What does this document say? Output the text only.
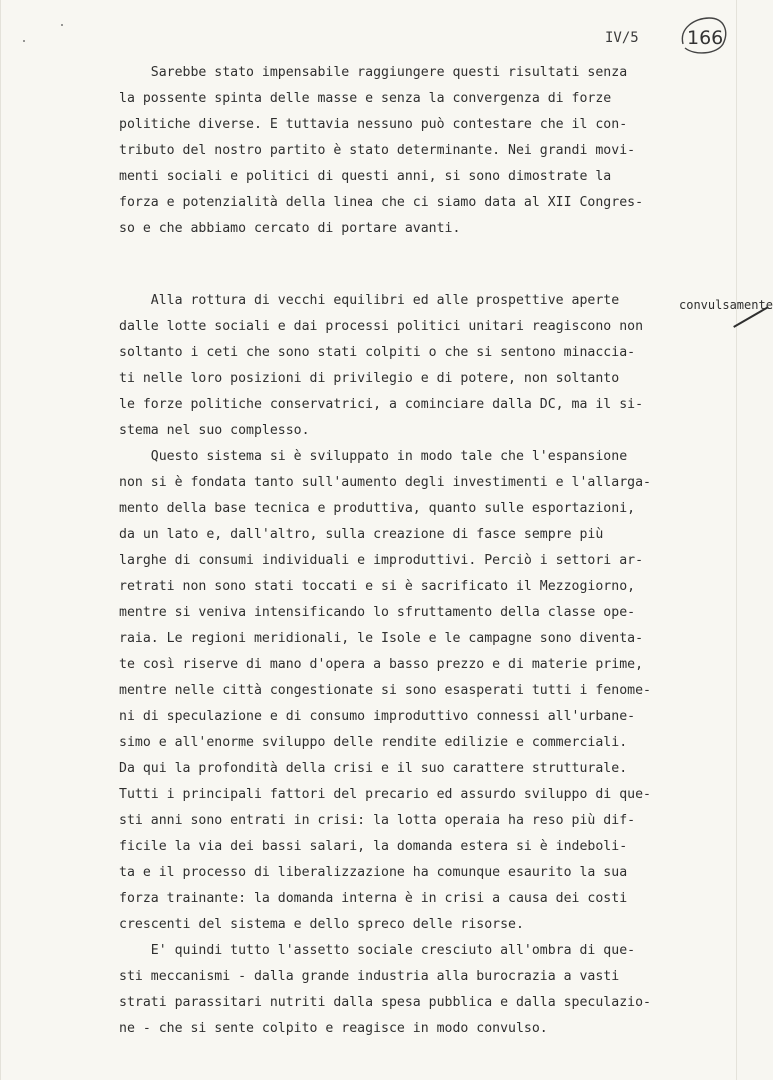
IV/5	166
Sarebbe stato impensabile raggiungere questi risultati senza
la possente spinta delle masse e senza la convergenza di forze
politiche diverse. E tuttavia nessuno può contestare che il con-
tributo del nostro partito è stato determinante. Nei grandi movi-
menti sociali e politici di questi anni, si sono dimostrate la
forza e potenzialità della linea che ci siamo data al XII Congres-
so e che abbiamo cercato di portare avanti.
convulsamente
Alla rottura di vecchi equilibri ed alle prospettive aperte
dalle lotte sociali e dai processi politici unitari reagiscono non
soltanto i ceti che sono stati colpiti o che si sentono minaccia-
ti nelle loro posizioni di privilegio e di potere, non soltanto
le forze politiche conservatrici, a cominciare dalla DC, ma il si-
stema nel suo complesso.
Questo sistema si è sviluppato in modo tale che l'espansione
non si è fondata tanto sull'aumento degli investimenti e l'allarga-
mento della base tecnica e produttiva, quanto sulle esportazioni,
da un lato e, dall'altro, sulla creazione di fasce sempre più
larghe di consumi individuali e improduttivi. Perciò i settori ar-
retrati non sono stati toccati e si è sacrificato il Mezzogiorno,
mentre si veniva intensificando lo sfruttamento della classe ope-
raia. Le regioni meridionali, le Isole e le campagne sono diventa-
te così riserve di mano d'opera a basso prezzo e di materie prime,
mentre nelle città congestionate si sono esasperati tutti i fenome-
ni di speculazione e di consumo improduttivo connessi all'urbane-
simo e all'enorme sviluppo delle rendite edilizie e commerciali.
Da qui la profondità della crisi e il suo carattere strutturale.
Tutti i principali fattori del precario ed assurdo sviluppo di que-
sti anni sono entrati in crisi: la lotta operaia ha reso più dif-
ficile la via dei bassi salari, la domanda estera si è indeboli-
ta e il processo di liberalizzazione ha comunque esaurito la sua
forza trainante: la domanda interna è in crisi a causa dei costi
crescenti del sistema e dello spreco delle risorse.
E' quindi tutto l'assetto sociale cresciuto all'ombra di que-
sti meccanismi - dalla grande industria alla burocrazia a vasti
strati parassitari nutriti dalla spesa pubblica e dalla speculazio-
ne - che si sente colpito e reagisce in modo convulso.
